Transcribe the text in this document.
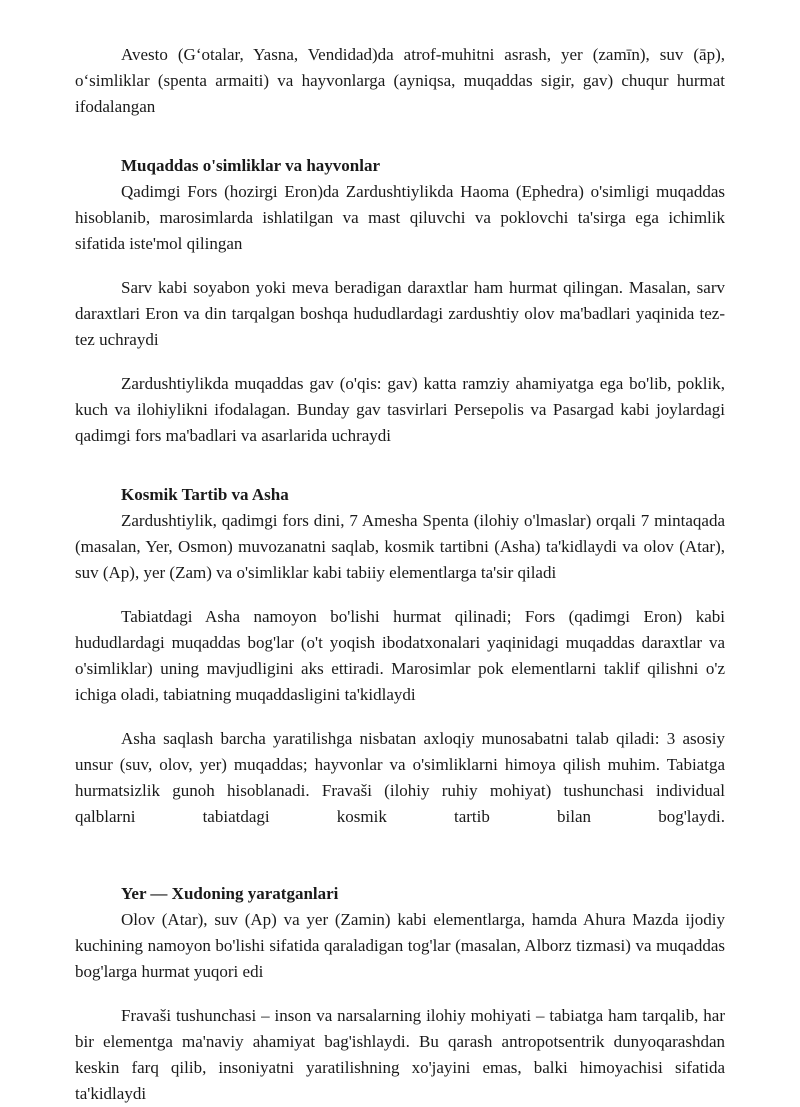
Avesto (G‘otalar, Yasna, Vendidad)da atrof-muhitni asrash, yer (zamīn), suv (āp), o‘simliklar (spenta armaiti) va hayvonlarga (ayniqsa, muqaddas sigir, gav) chuqur hurmat ifodalangan

Muqaddas o'simliklar va hayvonlar

Qadimgi Fors (hozirgi Eron)da Zardushtiylikda Haoma (Ephedra) o'simligi muqaddas hisoblanib, marosimlarda ishlatilgan va mast qiluvchi va poklovchi ta'sirga ega ichimlik sifatida iste'mol qilingan

Sarv kabi soyabon yoki meva beradigan daraxtlar ham hurmat qilingan. Masalan, sarv daraxtlari Eron va din tarqalgan boshqa hududlardagi zardushtiy olov ma'badlari yaqinida tez-tez uchraydi

Zardushtiylikda muqaddas gav (o'qis: gav) katta ramziy ahamiyatga ega bo'lib, poklik, kuch va ilohiylikni ifodalagan. Bunday gav tasvirlari Persepolis va Pasargad kabi joylardagi qadimgi fors ma'badlari va asarlarida uchraydi

Kosmik Tartib va Asha

Zardushtiylik, qadimgi fors dini, 7 Amesha Spenta (ilohiy o'lmaslar) orqali 7 mintaqada (masalan, Yer, Osmon) muvozanatni saqlab, kosmik tartibni (Asha) ta'kidlaydi va olov (Atar), suv (Ap), yer (Zam) va o'simliklar kabi tabiiy elementlarga ta'sir qiladi

Tabiatdagi Asha namoyon bo'lishi hurmat qilinadi; Fors (qadimgi Eron) kabi hududlardagi muqaddas bog'lar (o't yoqish ibodatxonalari yaqinidagi muqaddas daraxtlar va o'simliklar) uning mavjudligini aks ettiradi. Marosimlar pok elementlarni taklif qilishni o'z ichiga oladi, tabiatning muqaddasligini ta'kidlaydi

Asha saqlash barcha yaratilishga nisbatan axloqiy munosabatni talab qiladi: 3 asosiy unsur (suv, olov, yer) muqaddas; hayvonlar va o'simliklarni himoya qilish muhim. Tabiatga hurmatsizlik gunoh hisoblanadi. Fravaši (ilohiy ruhiy mohiyat) tushunchasi individual qalblarni tabiatdagi kosmik tartib bilan bog'laydi.

Yer — Xudoning yaratganlari

Olov (Atar), suv (Ap) va yer (Zamin) kabi elementlarga, hamda Ahura Mazda ijodiy kuchining namoyon bo'lishi sifatida qaraladigan tog'lar (masalan, Alborz tizmasi) va muqaddas bog'larga hurmat yuqori edi

Fravaši tushunchasi – inson va narsalarning ilohiy mohiyati – tabiatga ham tarqalib, har bir elementga ma'naviy ahamiyat bag'ishlaydi. Bu qarash antropotsentrik dunyoqarashdan keskin farq qilib, insoniyatni yaratilishning xo'jayini emas, balki himoyachisi sifatida ta'kidlaydi
